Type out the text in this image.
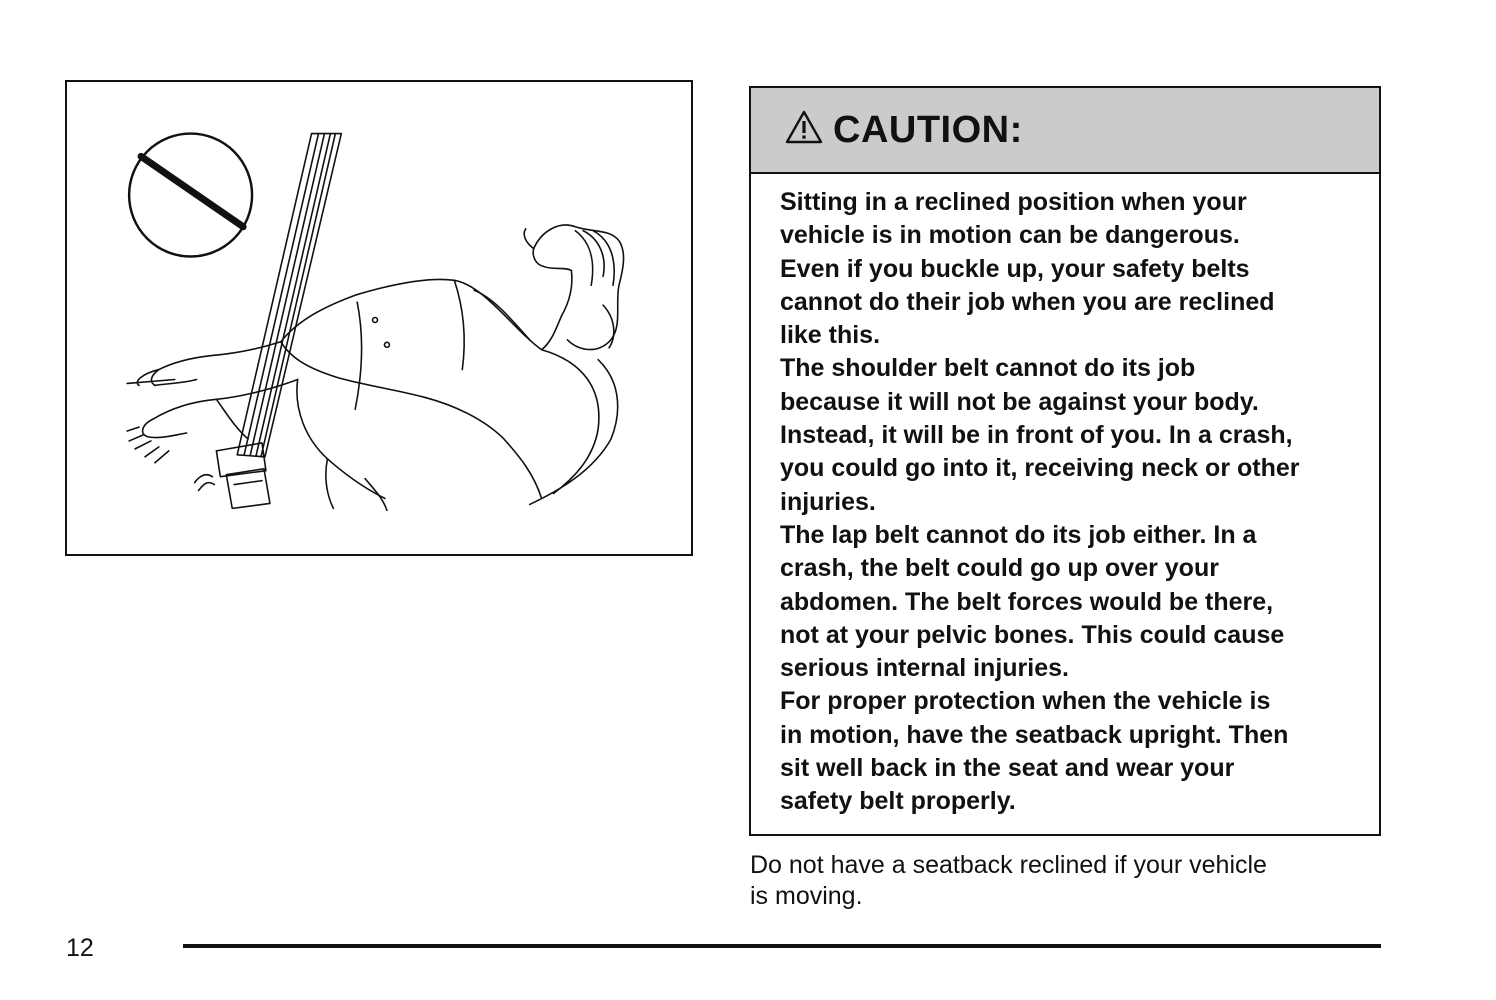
CAUTION:

Sitting in a reclined position when your
vehicle is in motion can be dangerous.
Even if you buckle up, your safety belts
cannot do their job when you are reclined
like this.

The shoulder belt cannot do its job
because it will not be against your body.
Instead, it will be in front of you. In a crash,
you could go into it, receiving neck or other
injuries.

The lap belt cannot do its job either. In a
crash, the belt could go up over your
abdomen. The belt forces would be there,
not at your pelvic bones. This could cause
serious internal injuries.

For proper protection when the vehicle is
in motion, have the seatback upright. Then
sit well back in the seat and wear your
safety belt properly.

Do not have a seatback reclined if your vehicle
is moving.

12
